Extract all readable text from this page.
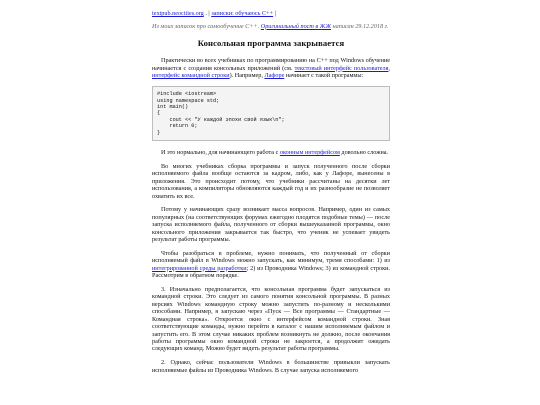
textpub.neocities.org . | записки: обучаюсь C++ |
Из моих записок про самообучение C++. Оригинальный пост в ЖЖ написан 29.12.2018 г.
Консольная программа закрывается

Практически во всех учебниках по программированию на C++ под Windows обучение начинается с создания консольных приложений (см. текстовый интерфейс пользователя, интерфейс командной строки). Например, Лафоре начинает с такой программы:

#include <iostream>
using namespace std;
int main()
{
cout << "У каждой эпохи свой язык\n";
return 0;
}

И это нормально, для начинающего работа с оконным интерфейсом довольно сложна.

Во многих учебниках сборка программы и запуск полученного после сборки исполняемого файла вообще остаются за кадром, либо, как у Лафоре, вынесены в приложения. Это происходит потому, что учебники рассчитаны на десятки лет использования, а компиляторы обновляются каждый год и их разнообразие не позволяет охватить их все.

Потому у начинающих сразу возникает масса вопросов. Например, один из самых популярных (на соответствующих форумах ежегодно плодятся подобные темы) — после запуска исполняемого файла, полученного от сборки вышеуказанной программы, окно консольного приложения закрывается так быстро, что ученик не успевает увидеть результат работы программы.

Чтобы разобраться в проблеме, нужно понимать, что полученный от сборки исполняемый файл в Windows можно запускать, как минимум, тремя способами: 1) из интегрированной среды разработки; 2) из Проводника Windows; 3) из командной строки. Рассмотрим в обратном порядке.

3. Изначально предполагается, что консольная программа будет запускаться из командной строки. Это следует из самого понятия консольной программы. В разных версиях Windows командную строку можно запустить по-разному и несколькими способами. Например, я запускаю через «Пуск — Все программы — Стандартные — Командная строка». Откроется окно с интерфейсом командной строки. Зная соответствующие команды, нужно перейти в каталог с нашим исполняемым файлом и запустить его. В этом случае никаких проблем возникнуть не должно, после окончания работы программы окно командной строки не закроется, а продолжит ожидать следующих команд. Можно будет видеть результат работы программы.

2. Однако, сейчас пользователи Windows в большинстве привыкли запускать исполняемые файлы из Проводника Windows. В случае запуска исполняемого
